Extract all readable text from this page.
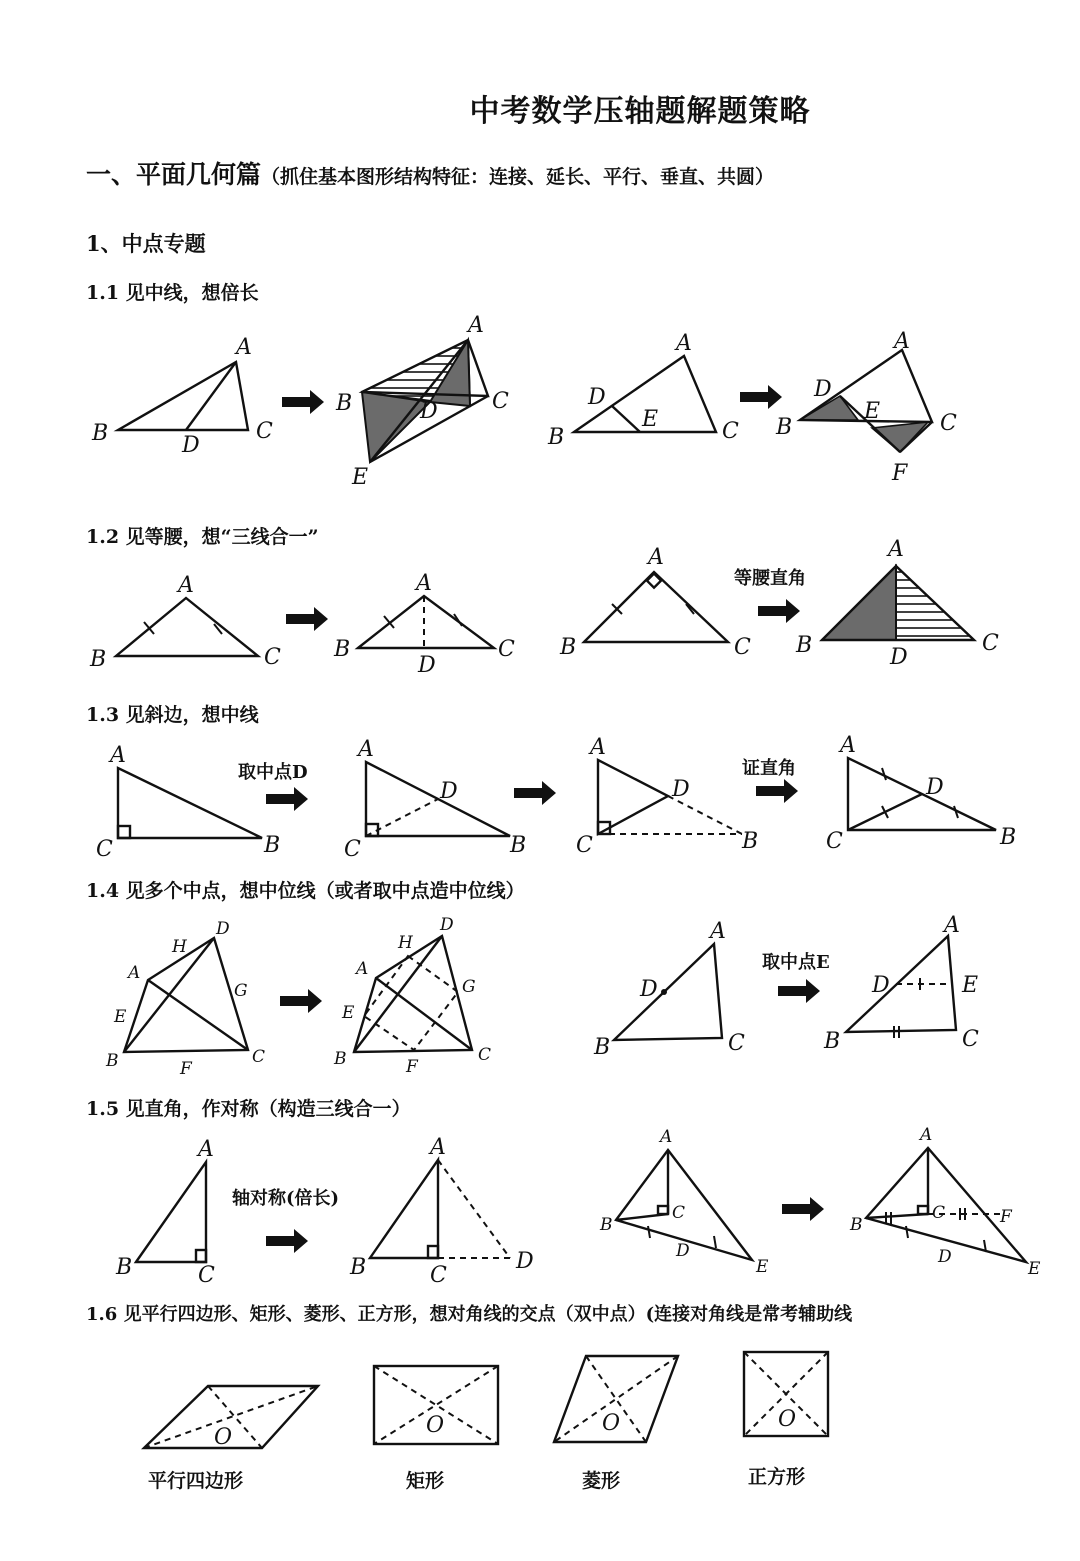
中考数学压轴题解题策略
一、平面几何篇（抓住基本图形结构特征：连接、延长、平行、垂直、共圆）
1、中点专题
1.1 见中线，想倍长
1.2 见等腰，想“三线合一”
1.3 见斜边，想中线
1.4 见多个中点，想中位线（或者取中点造中位线）
1.5 见直角，作对称（构造三线合一）
1.6 见平行四边形、矩形、菱形、正方形，想对角线的交点（双中点）(连接对角线是常考辅助线
B
A
C
D
B
A
C
D
E
B
A
C
D
E	B
A
C
D
E
F
B
A
C B
A
C
D
B
A
C
等腰直角
B
A
C
D
A
C	B
取中点D
A
C	B
D
A
C	B
D
证直角
A
C	B
D
B
A
D
C
H
G
E
F	B
A
D
C
H
G
E
F
B
A
C
D
取中点E
B
A
C
D	E
A
B	C
轴对称(倍长)
A
B	C
D
A
B
C
D
E
A
B
C
D
E
F
O	O	O	O
平行四边形	矩形	菱形	正方形
